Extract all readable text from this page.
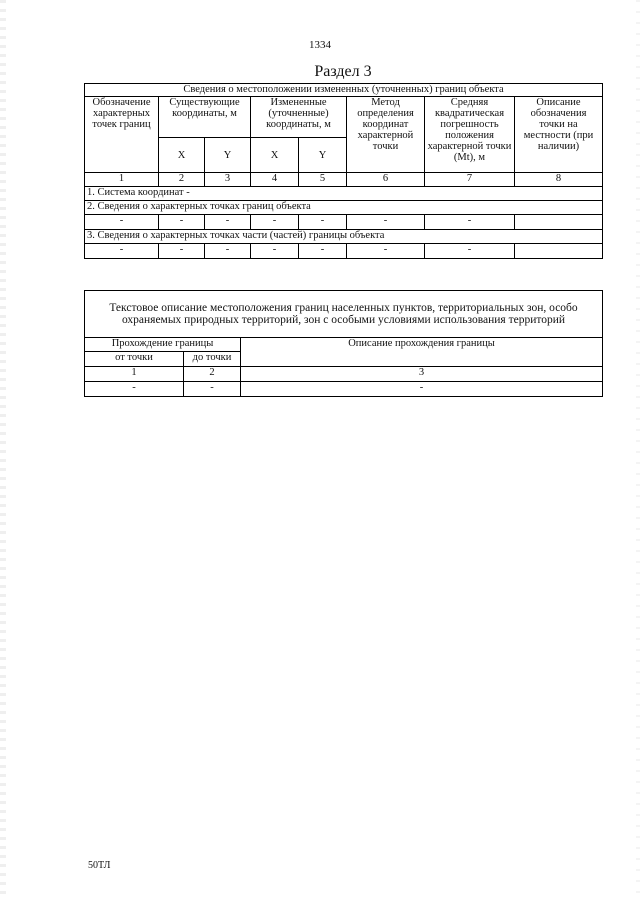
1334
Раздел 3
Сведения о местоположении измененных (уточненных) границ объекта							
Обозначение характерных точек границ	Существующие координаты, м		Измененные (уточненные) координаты, м		Метод определения координат характерной точки	Средняя квадратическая погрешность положения характерной точки (Mt), м	Описание обозначения точки на местности (при наличии)
	X	Y	X	Y			
1	2	3	4	5	6	7	8
1. Система координат -							
2. Сведения о характерных точках границ объекта							
-	-	-	-	-	-	-	
3. Сведения о характерных точках части (частей) границы объекта							
-	-	-	-	-	-	-	
Текстовое описание местоположения границ населенных пунктов, территориальных зон, особо охраняемых природных территорий, зон с особыми условиями использования территорий		
Прохождение границы		Описание прохождения границы
от точки	до точки	
1	2	3
-	-	-
50ТЛ
